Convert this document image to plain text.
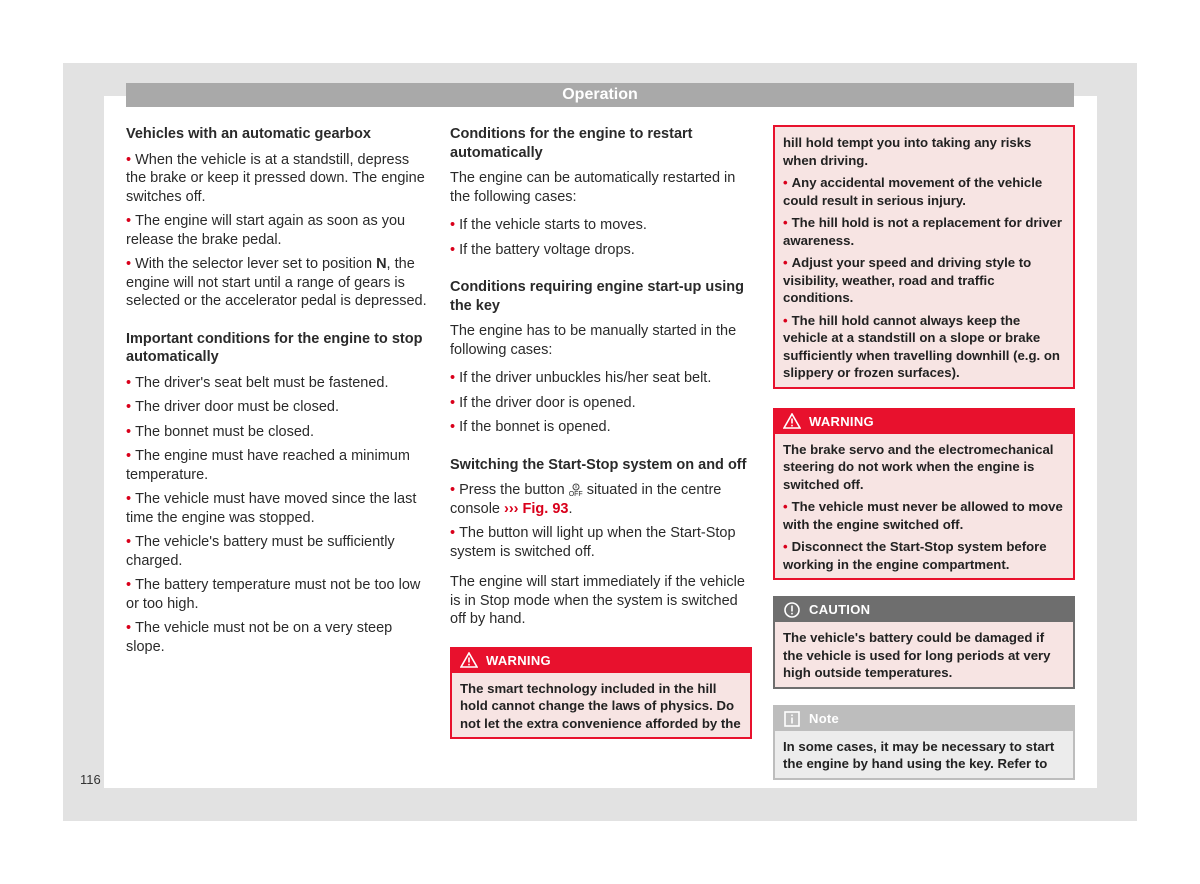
Operation
Vehicles with an automatic gearbox
• When the vehicle is at a standstill, depress the brake or keep it pressed down. The engine switches off.
• The engine will start again as soon as you release the brake pedal.
• With the selector lever set to position N, the engine will not start until a range of gears is selected or the accelerator pedal is depressed.
Important conditions for the engine to stop automatically
• The driver's seat belt must be fastened.
• The driver door must be closed.
• The bonnet must be closed.
• The engine must have reached a minimum temperature.
• The vehicle must have moved since the last time the engine was stopped.
• The vehicle's battery must be sufficiently charged.
• The battery temperature must not be too low or too high.
• The vehicle must not be on a very steep slope.
Conditions for the engine to restart automatically
The engine can be automatically restarted in the following cases:
• If the vehicle starts to moves.
• If the battery voltage drops.
Conditions requiring engine start-up using the key
The engine has to be manually started in the following cases:
• If the driver unbuckles his/her seat belt.
• If the driver door is opened.
• If the bonnet is opened.
Switching the Start-Stop system on and off
• Press the button A
OFF situated in the centre console ››› Fig. 93.
• The button will light up when the Start-Stop system is switched off.
The engine will start immediately if the vehicle is in Stop mode when the system is switched off by hand.
WARNING
The smart technology included in the hill hold cannot change the laws of physics. Do not let the extra convenience afforded by the
hill hold tempt you into taking any risks when driving.
• Any accidental movement of the vehicle could result in serious injury.
• The hill hold is not a replacement for driver awareness.
• Adjust your speed and driving style to visibility, weather, road and traffic conditions.
• The hill hold cannot always keep the vehicle at a standstill on a slope or brake sufficiently when travelling downhill (e.g. on slippery or frozen surfaces).
WARNING
The brake servo and the electromechanical steering do not work when the engine is switched off.
• The vehicle must never be allowed to move with the engine switched off.
• Disconnect the Start-Stop system before working in the engine compartment.
CAUTION
The vehicle's battery could be damaged if the vehicle is used for long periods at very high outside temperatures.
Note
In some cases, it may be necessary to start the engine by hand using the key. Refer to
116
